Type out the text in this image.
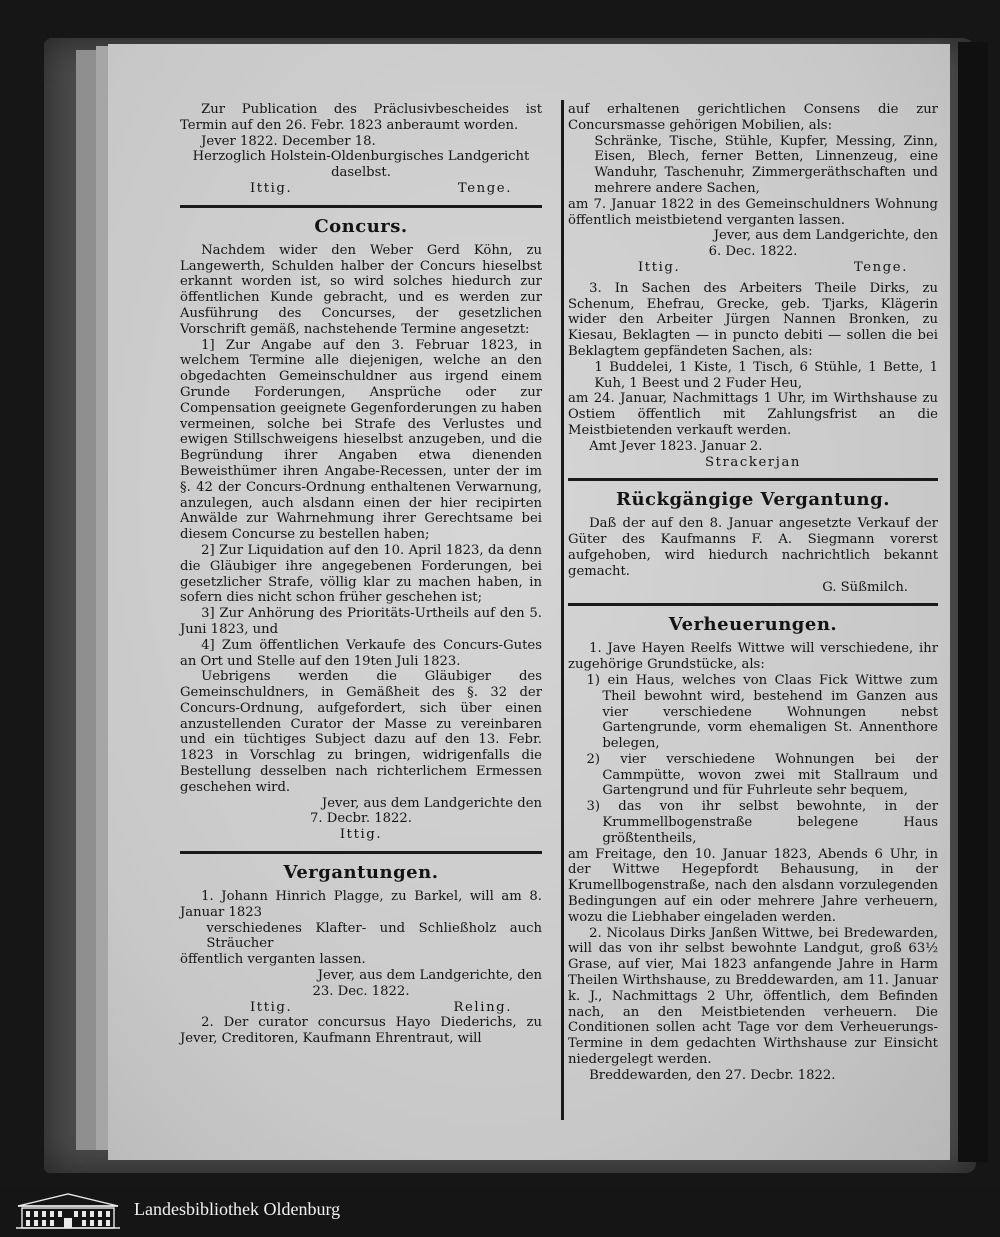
Zur Publication des Präclusivbescheides ist Termin auf den 26. Febr. 1823 anberaumt worden.

Jever 1822. December 18.

Herzoglich Holstein-Oldenburgisches Landgericht daselbst.

Ittig.	Tenge.
Concurs.

Nachdem wider den Weber Gerd Köhn, zu Langewerth, Schulden halber der Concurs hieselbst erkannt worden ist, so wird solches hiedurch zur öffentlichen Kunde gebracht, und es werden zur Ausführung des Concurses, der gesetzlichen Vorschrift gemäß, nachstehende Termine angesetzt:

1] Zur Angabe auf den 3. Februar 1823, in welchem Termine alle diejenigen, welche an den obgedachten Gemeinschuldner aus irgend einem Grunde Forderungen, Ansprüche oder zur Compensation geeignete Gegenforderungen zu haben vermeinen, solche bei Strafe des Verlustes und ewigen Stillschweigens hieselbst anzugeben, und die Begründung ihrer Angaben etwa dienenden Beweisthümer ihren Angabe-Recessen, unter der im §. 42 der Concurs-Ordnung enthaltenen Verwarnung, anzulegen, auch alsdann einen der hier recipirten Anwälde zur Wahrnehmung ihrer Gerechtsame bei diesem Concurse zu bestellen haben;

2] Zur Liquidation auf den 10. April 1823, da denn die Gläubiger ihre angegebenen Forderungen, bei gesetzlicher Strafe, völlig klar zu machen haben, in sofern dies nicht schon früher geschehen ist;

3] Zur Anhörung des Prioritäts-Urtheils auf den 5. Juni 1823, und

4] Zum öffentlichen Verkaufe des Concurs-Gutes an Ort und Stelle auf den 19ten Juli 1823.

Uebrigens werden die Gläubiger des Gemeinschuldners, in Gemäßheit des §. 32 der Concurs-Ordnung, aufgefordert, sich über einen anzustellenden Curator der Masse zu vereinbaren und ein tüchtiges Subject dazu auf den 13. Febr. 1823 in Vorschlag zu bringen, widrigenfalls die Bestellung desselben nach richterlichem Ermessen geschehen wird.

Jever, aus dem Landgerichte den

7. Decbr. 1822.

Ittig.

Vergantungen.

1. Johann Hinrich Plagge, zu Barkel, will am 8. Januar 1823

verschiedenes Klafter- und Schließholz auch Sträucher

öffentlich verganten lassen.

Jever, aus dem Landgerichte, den

23. Dec. 1822.

Ittig.	Reling.

2. Der curator concursus Hayo Diederichs, zu Jever, Creditoren, Kaufmann Ehrentraut, will

auf erhaltenen gerichtlichen Consens die zur Concursmasse gehörigen Mobilien, als:

Schränke, Tische, Stühle, Kupfer, Messing, Zinn, Eisen, Blech, ferner Betten, Linnenzeug, eine Wanduhr, Taschenuhr, Zimmergeräthschaften und mehrere andere Sachen,

am 7. Januar 1822 in des Gemeinschuldners Wohnung öffentlich meistbietend verganten lassen.

Jever, aus dem Landgerichte, den

6. Dec. 1822.

Ittig.	Tenge.

3. In Sachen des Arbeiters Theile Dirks, zu Schenum, Ehefrau, Grecke, geb. Tjarks, Klägerin wider den Arbeiter Jürgen Nannen Bronken, zu Kiesau, Beklagten — in puncto debiti — sollen die bei Beklagtem gepfändeten Sachen, als:

1 Buddelei, 1 Kiste, 1 Tisch, 6 Stühle, 1 Bette, 1 Kuh, 1 Beest und 2 Fuder Heu,

am 24. Januar, Nachmittags 1 Uhr, im Wirthshause zu Ostiem öffentlich mit Zahlungsfrist an die Meistbietenden verkauft werden.

Amt Jever 1823. Januar 2.

Strackerjan

Rückgängige Vergantung.

Daß der auf den 8. Januar angesetzte Verkauf der Güter des Kaufmanns F. A. Siegmann vorerst aufgehoben, wird hiedurch nachrichtlich bekannt gemacht.

G. Süßmilch.

Verheuerungen.

1. Jave Hayen Reelfs Wittwe will verschiedene, ihr zugehörige Grundstücke, als:

1) ein Haus, welches von Claas Fick Wittwe zum Theil bewohnt wird, bestehend im Ganzen aus vier verschiedene Wohnungen nebst Gartengrunde, vorm ehemaligen St. Annenthore belegen,

2) vier verschiedene Wohnungen bei der Cammpütte, wovon zwei mit Stallraum und Gartengrund und für Fuhrleute sehr bequem,

3) das von ihr selbst bewohnte, in der Krummellbogenstraße belegene Haus größtentheils,

am Freitage, den 10. Januar 1823, Abends 6 Uhr, in der Wittwe Hegepfordt Behausung, in der Krumellbogenstraße, nach den alsdann vorzulegenden Bedingungen auf ein oder mehrere Jahre verheuern, wozu die Liebhaber eingeladen werden.

2. Nicolaus Dirks Janßen Wittwe, bei Bredewarden, will das von ihr selbst bewohnte Landgut, groß 63½ Grase, auf vier, Mai 1823 anfangende Jahre in Harm Theilen Wirthshause, zu Breddewarden, am 11. Januar k. J., Nachmittags 2 Uhr, öffentlich, dem Befinden nach, an den Meistbietenden verheuern. Die Conditionen sollen acht Tage vor dem Verheuerungs-Termine in dem gedachten Wirthshause zur Einsicht niedergelegt werden.

Breddewarden, den 27. Decbr. 1822.

Landesbibliothek Oldenburg
